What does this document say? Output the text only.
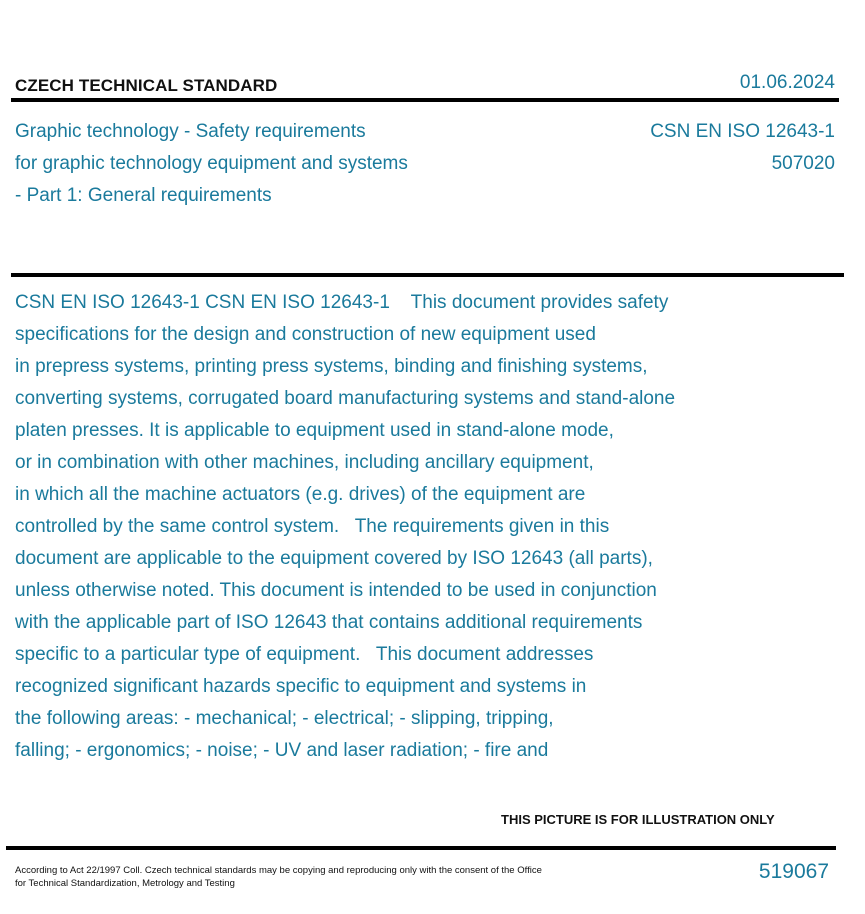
CZECH TECHNICAL STANDARD	01.06.2024
Graphic technology - Safety requirements
for graphic technology equipment and systems
- Part 1: General requirements
CSN EN ISO 12643-1
507020
CSN EN ISO 12643-1 CSN EN ISO 12643-1    This document provides safety
specifications for the design and construction of new equipment used
in prepress systems, printing press systems, binding and finishing systems,
converting systems, corrugated board manufacturing systems and stand-alone
platen presses. It is applicable to equipment used in stand-alone mode,
or in combination with other machines, including ancillary equipment,
in which all the machine actuators (e.g. drives) of the equipment are
controlled by the same control system.   The requirements given in this
document are applicable to the equipment covered by ISO 12643 (all parts),
unless otherwise noted. This document is intended to be used in conjunction
with the applicable part of ISO 12643 that contains additional requirements
specific to a particular type of equipment.   This document addresses
recognized significant hazards specific to equipment and systems in
the following areas: - mechanical; - electrical; - slipping, tripping,
falling; - ergonomics; - noise; - UV and laser radiation; - fire and
THIS PICTURE IS FOR ILLUSTRATION ONLY
According to Act 22/1997 Coll. Czech technical standards may be copying and reproducing only with the consent of the Office
for Technical Standardization, Metrology and Testing
519067
